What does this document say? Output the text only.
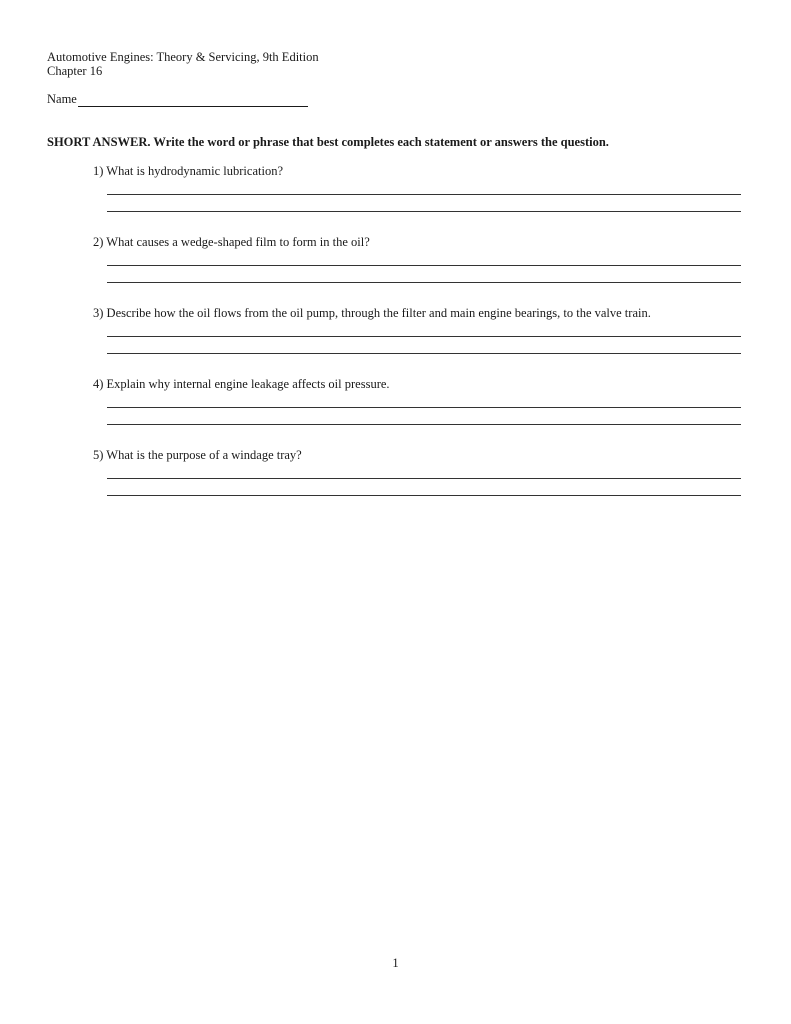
Automotive Engines: Theory & Servicing, 9th Edition
Chapter 16
Name
SHORT ANSWER. Write the word or phrase that best completes each statement or answers the question.
1) What is hydrodynamic lubrication?
2) What causes a wedge-shaped film to form in the oil?
3) Describe how the oil flows from the oil pump, through the filter and main engine bearings, to the valve train.
4) Explain why internal engine leakage affects oil pressure.
5) What is the purpose of a windage tray?
1
